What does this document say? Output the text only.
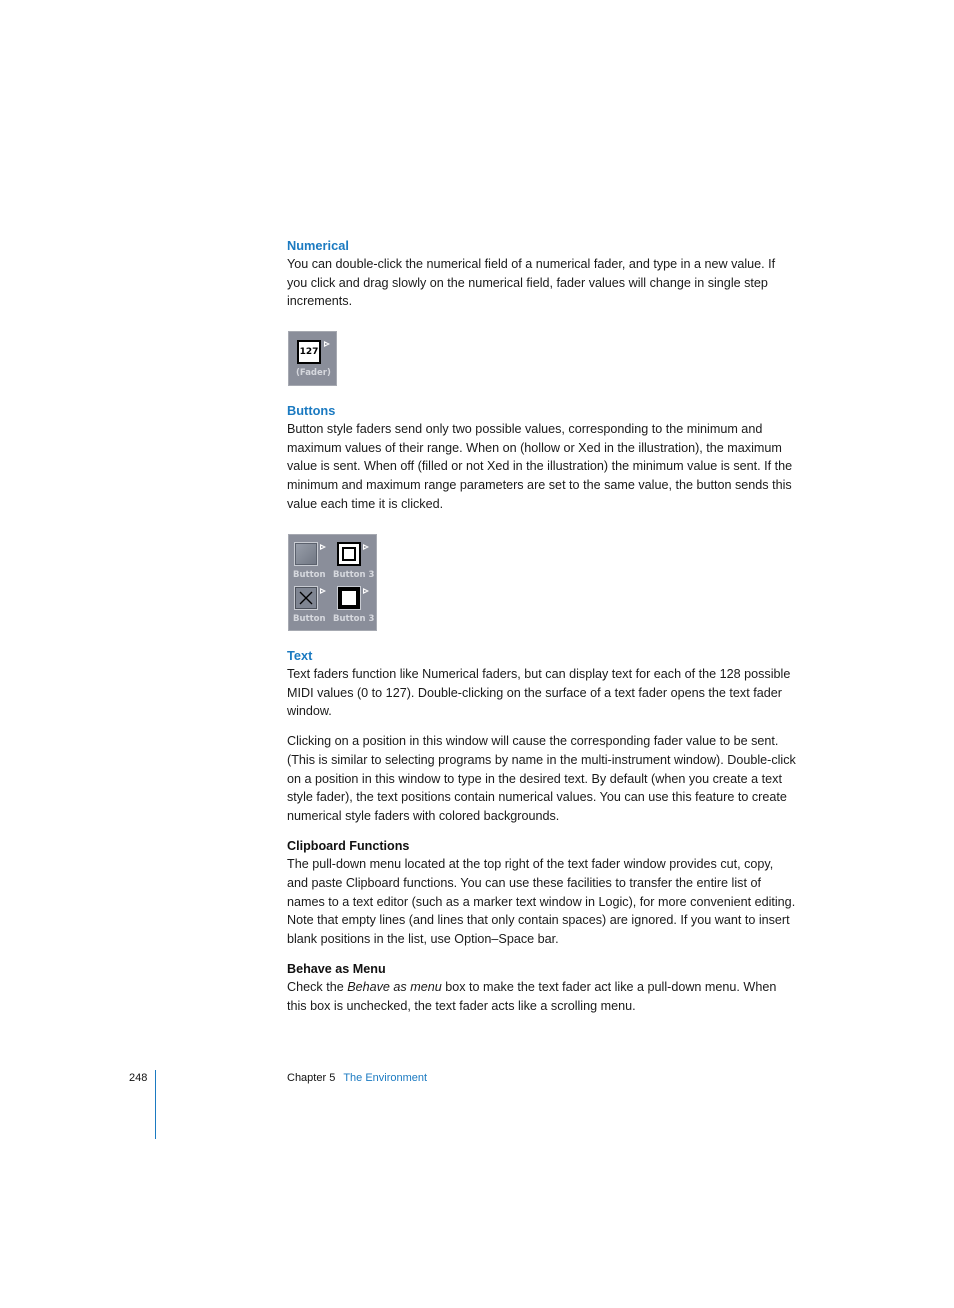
Numerical

You can double-click the numerical field of a numerical fader, and type in a new value. If you click and drag slowly on the numerical field, fader values will change in single step increments.

127
(Fader)

Buttons

Button style faders send only two possible values, corresponding to the minimum and maximum values of their range. When on (hollow or Xed in the illustration), the maximum value is sent. When off (filled or not Xed in the illustration) the minimum value is sent. If the minimum and maximum range parameters are set to the same value, the button sends this value each time it is clicked.

Button Button 3
Button Button 3

Text

Text faders function like Numerical faders, but can display text for each of the 128 possible MIDI values (0 to 127). Double-clicking on the surface of a text fader opens the text fader window.

Clicking on a position in this window will cause the corresponding fader value to be sent. (This is similar to selecting programs by name in the multi-instrument window). Double-click on a position in this window to type in the desired text. By default (when you create a text style fader), the text positions contain numerical values. You can use this feature to create numerical style faders with colored backgrounds.

Clipboard Functions

The pull-down menu located at the top right of the text fader window provides cut, copy, and paste Clipboard functions. You can use these facilities to transfer the entire list of names to a text editor (such as a marker text window in Logic), for more convenient editing. Note that empty lines (and lines that only contain spaces) are ignored. If you want to insert blank positions in the list, use Option–Space bar.

Behave as Menu

Check the Behave as menu box to make the text fader act like a pull-down menu. When this box is unchecked, the text fader acts like a scrolling menu.

248	Chapter 5 The Environment
